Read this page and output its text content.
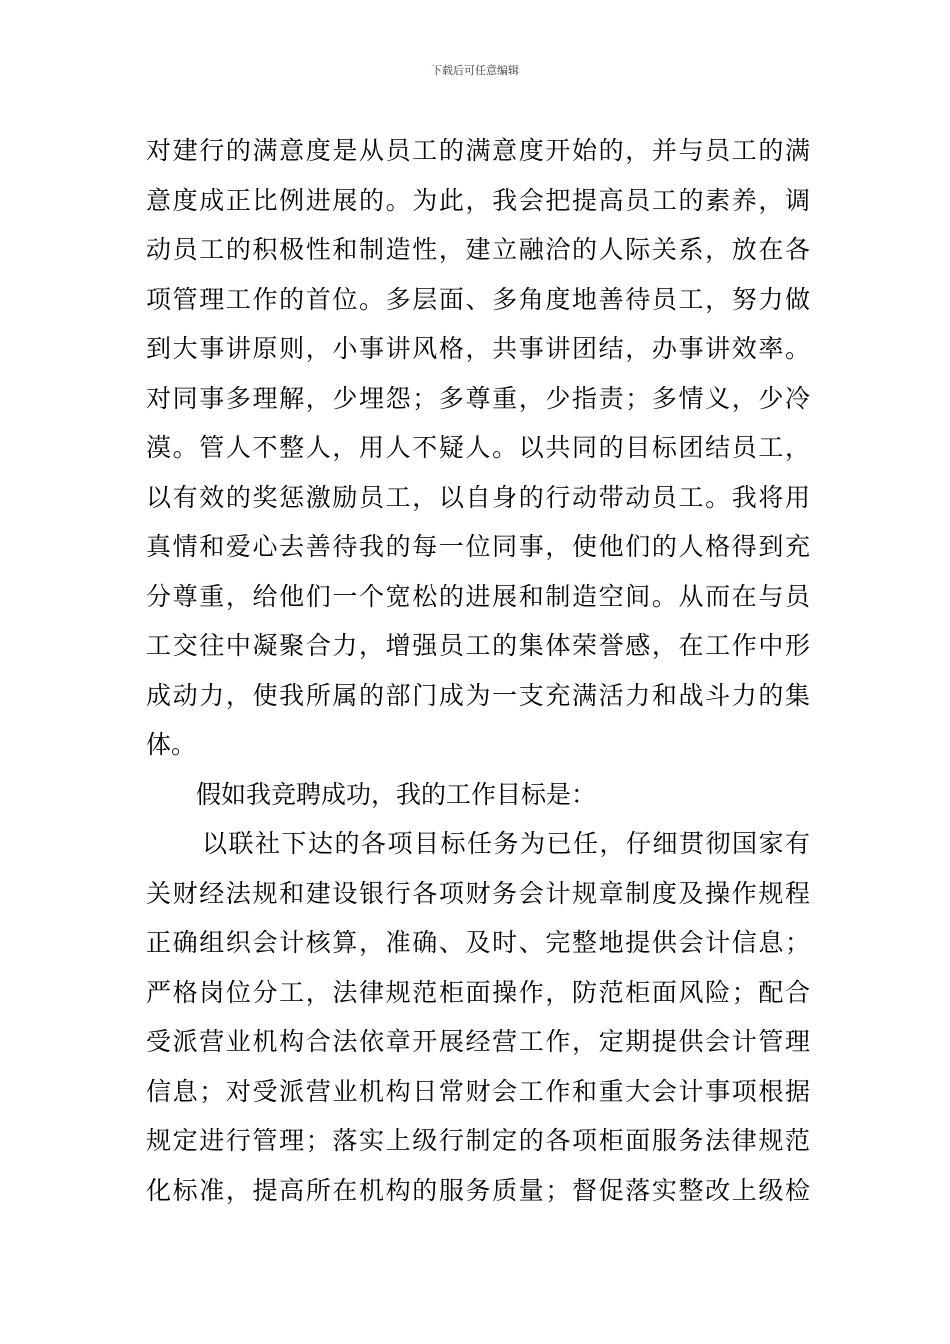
下载后可任意编辑
对建行的满意度是从员工的满意度开始的，并与员工的满
意度成正比例进展的。为此，我会把提高员工的素养，调
动员工的积极性和制造性，建立融洽的人际关系，放在各
项管理工作的首位。多层面、多角度地善待员工，努力做
到大事讲原则，小事讲风格，共事讲团结，办事讲效率。
对同事多理解，少埋怨；多尊重，少指责；多情义，少冷
漠。管人不整人，用人不疑人。以共同的目标团结员工，
以有效的奖惩激励员工，以自身的行动带动员工。我将用
真情和爱心去善待我的每一位同事，使他们的人格得到充
分尊重，给他们一个宽松的进展和制造空间。从而在与员
工交往中凝聚合力，增强员工的集体荣誉感，在工作中形
成动力，使我所属的部门成为一支充满活力和战斗力的集
体。
假如我竞聘成功，我的工作目标是：
以联社下达的各项目标任务为已任，仔细贯彻国家有
关财经法规和建设银行各项财务会计规章制度及操作规程
正确组织会计核算，准确、及时、完整地提供会计信息；
严格岗位分工，法律规范柜面操作，防范柜面风险；配合
受派营业机构合法依章开展经营工作，定期提供会计管理
信息；对受派营业机构日常财会工作和重大会计事项根据
规定进行管理；落实上级行制定的各项柜面服务法律规范
化标准，提高所在机构的服务质量；督促落实整改上级检
